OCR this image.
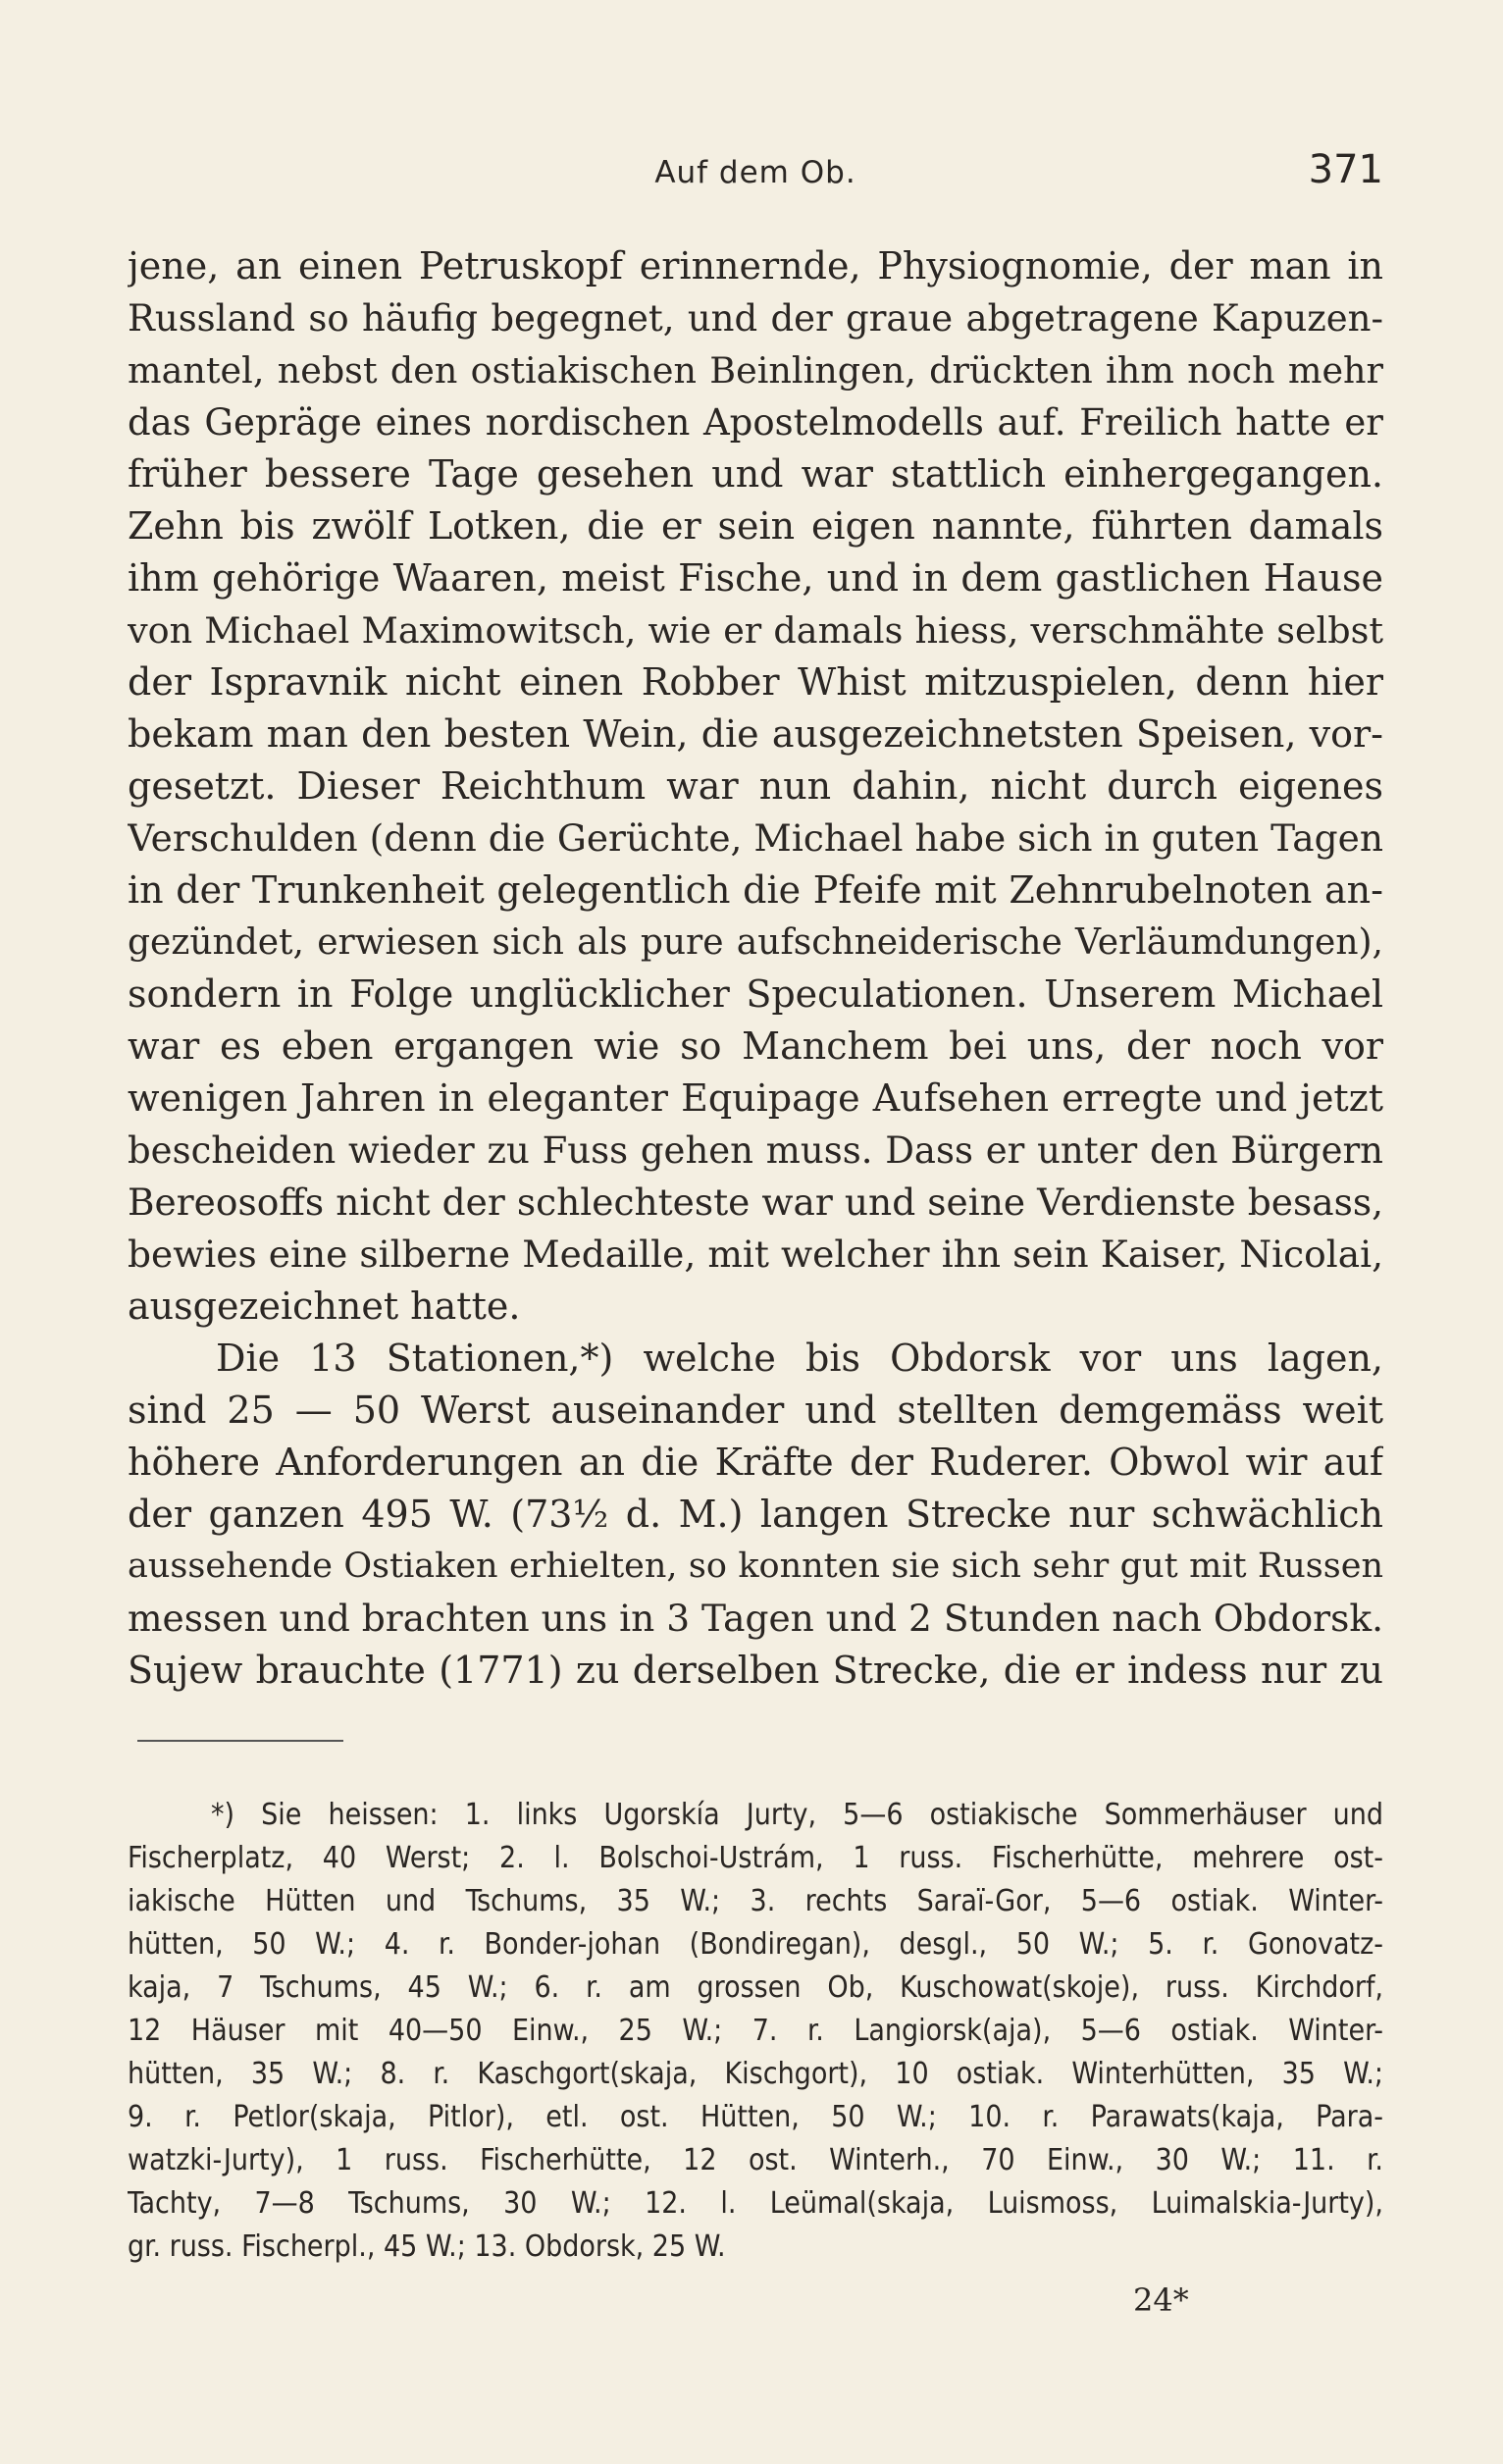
Auf dem Ob.	371
jene, an einen Petruskopf erinnernde, Physiognomie, der man in
Russland so häufig begegnet, und der graue abgetragene Kapuzen-
mantel, nebst den ostiakischen Beinlingen, drückten ihm noch mehr
das Gepräge eines nordischen Apostelmodells auf. Freilich hatte er
früher bessere Tage gesehen und war stattlich einhergegangen.
Zehn bis zwölf Lotken, die er sein eigen nannte, führten damals
ihm gehörige Waaren, meist Fische, und in dem gastlichen Hause
von Michael Maximowitsch, wie er damals hiess, verschmähte selbst
der Ispravnik nicht einen Robber Whist mitzuspielen, denn hier
bekam man den besten Wein, die ausgezeichnetsten Speisen, vor-
gesetzt. Dieser Reichthum war nun dahin, nicht durch eigenes
Verschulden (denn die Gerüchte, Michael habe sich in guten Tagen
in der Trunkenheit gelegentlich die Pfeife mit Zehnrubelnoten an-
gezündet, erwiesen sich als pure aufschneiderische Verläumdungen),
sondern in Folge unglücklicher Speculationen. Unserem Michael
war es eben ergangen wie so Manchem bei uns, der noch vor
wenigen Jahren in eleganter Equipage Aufsehen erregte und jetzt
bescheiden wieder zu Fuss gehen muss. Dass er unter den Bürgern
Bereosoffs nicht der schlechteste war und seine Verdienste besass,
bewies eine silberne Medaille, mit welcher ihn sein Kaiser, Nicolai,
ausgezeichnet hatte.
Die 13 Stationen,*) welche bis Obdorsk vor uns lagen,
sind 25 — 50 Werst auseinander und stellten demgemäss weit
höhere Anforderungen an die Kräfte der Ruderer. Obwol wir auf
der ganzen 495 W. (73½ d. M.) langen Strecke nur schwächlich
aussehende Ostiaken erhielten, so konnten sie sich sehr gut mit Russen
messen und brachten uns in 3 Tagen und 2 Stunden nach Obdorsk.
Sujew brauchte (1771) zu derselben Strecke, die er indess nur zu
*) Sie heissen: 1. links Ugorskía Jurty, 5—6 ostiakische Sommerhäuser und
Fischerplatz, 40 Werst; 2. l. Bolschoi-Ustrám, 1 russ. Fischerhütte, mehrere ost-
iakische Hütten und Tschums, 35 W.; 3. rechts Saraï-Gor, 5—6 ostiak. Winter-
hütten, 50 W.; 4. r. Bonder-johan (Bondiregan), desgl., 50 W.; 5. r. Gonovatz-
kaja, 7 Tschums, 45 W.; 6. r. am grossen Ob, Kuschowat(skoje), russ. Kirchdorf,
12 Häuser mit 40—50 Einw., 25 W.; 7. r. Langiorsk(aja), 5—6 ostiak. Winter-
hütten, 35 W.; 8. r. Kaschgort(skaja, Kischgort), 10 ostiak. Winterhütten, 35 W.;
9. r. Petlor(skaja, Pitlor), etl. ost. Hütten, 50 W.; 10. r. Parawats(kaja, Para-
watzki-Jurty), 1 russ. Fischerhütte, 12 ost. Winterh., 70 Einw., 30 W.; 11. r.
Tachty, 7—8 Tschums, 30 W.; 12. l. Leümal(skaja, Luismoss, Luimalskia-Jurty),
gr. russ. Fischerpl., 45 W.; 13. Obdorsk, 25 W.
24*
